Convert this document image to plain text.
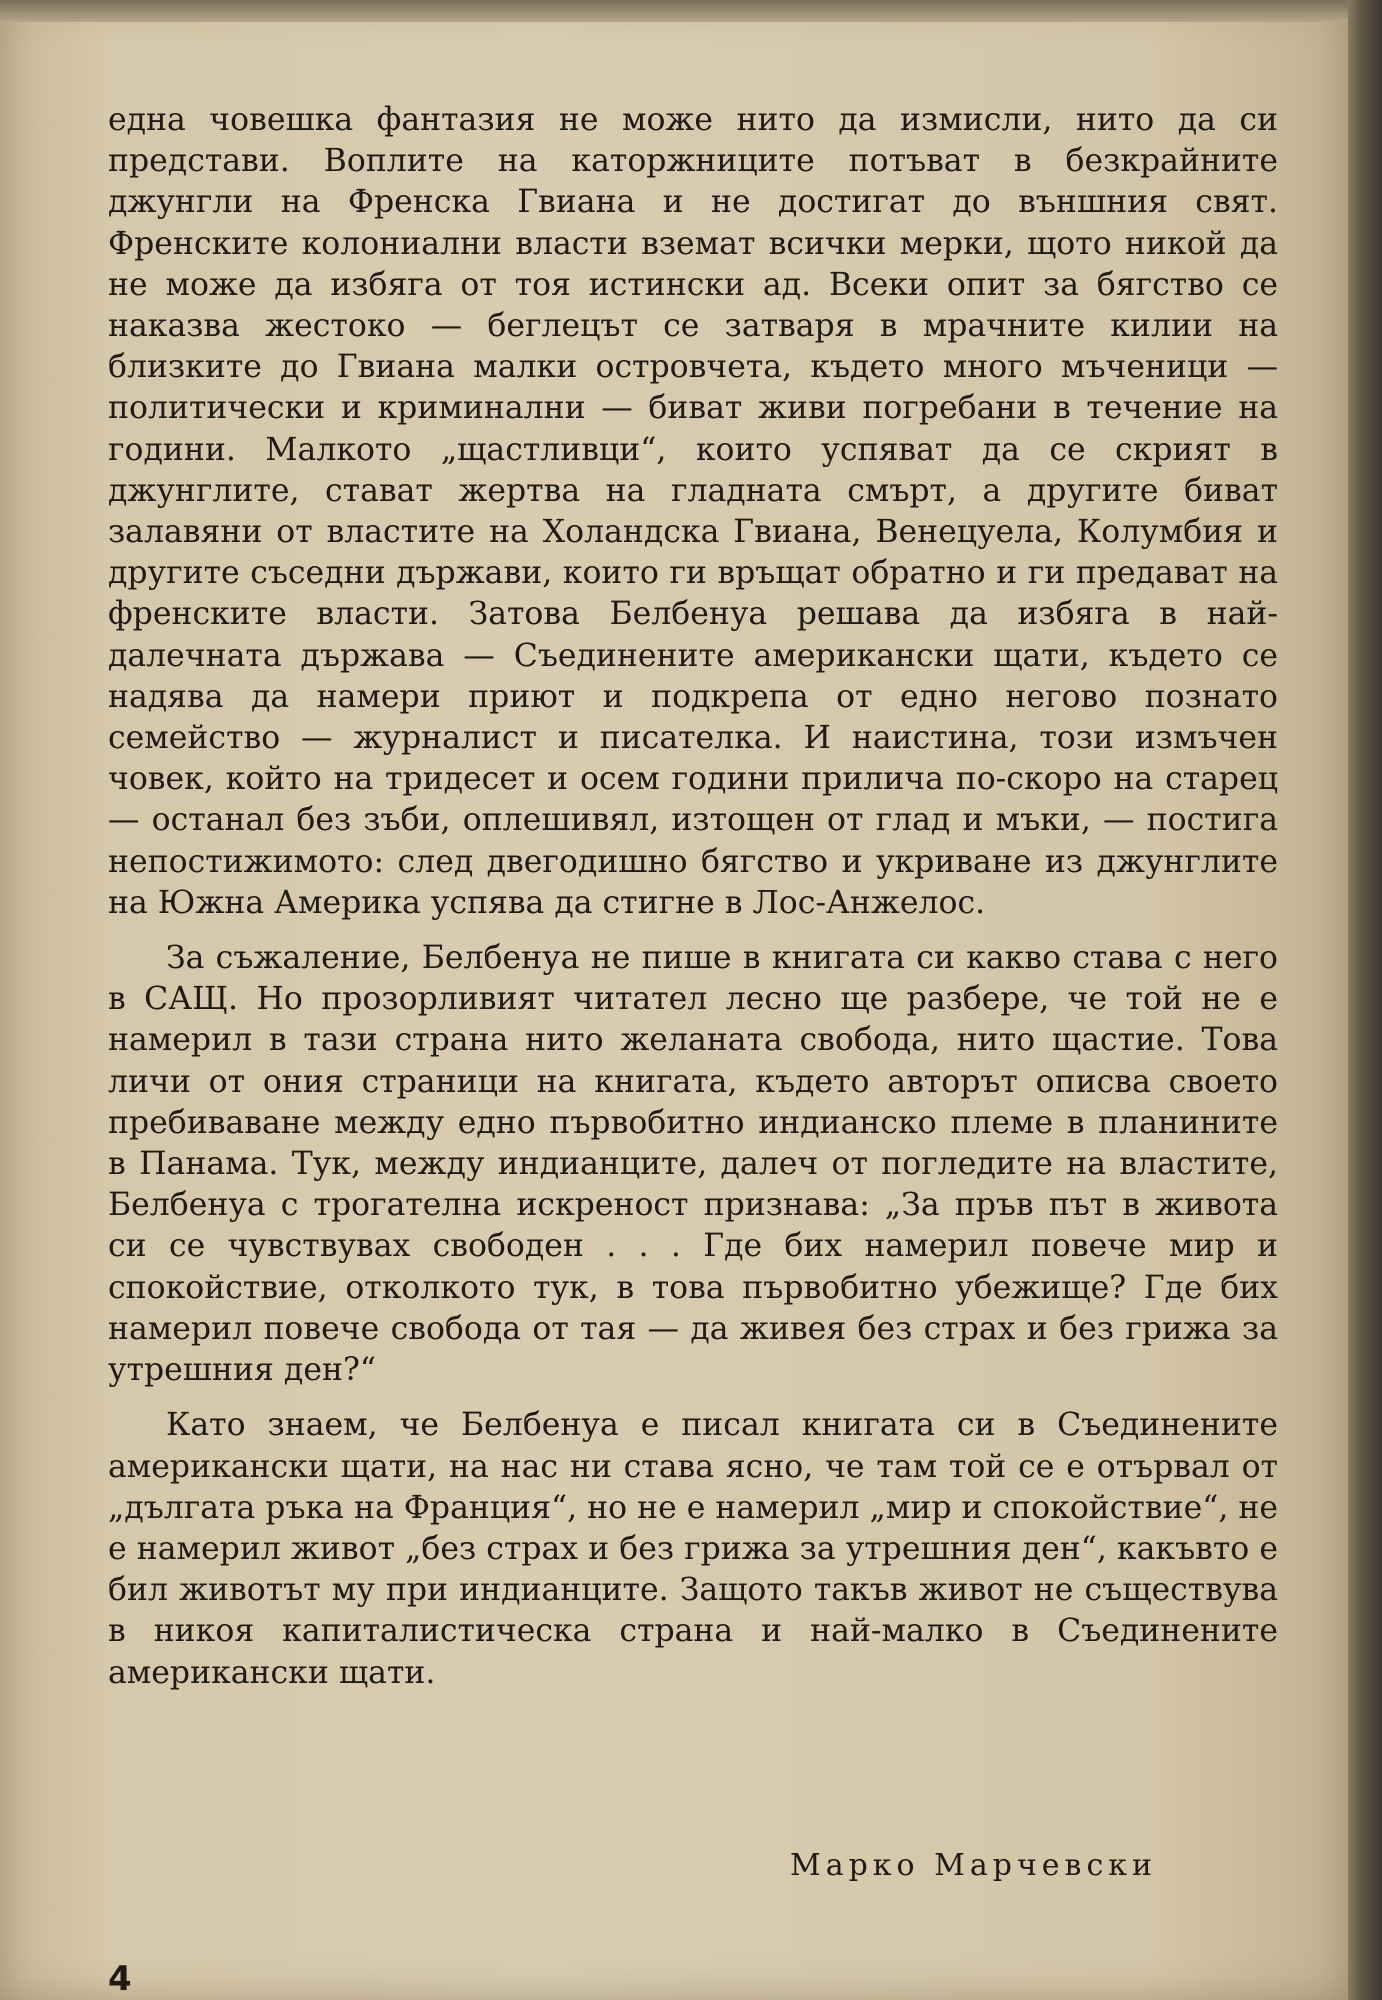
една човешка фантазия не може нито да измисли, нито да си представи. Воплите на каторжниците потъват в безкрайните джунгли на Френска Гвиана и не достигат до външния свят. Френските колониални власти вземат всички мерки, щото никой да не може да избяга от тоя истински ад. Всеки опит за бягство се наказва жестоко — беглецът се затваря в мрачните килии на близките до Гвиана малки островчета, където много мъченици — политически и криминални — биват живи погребани в течение на години. Малкото „щастливци“, които успяват да се скрият в джунглите, стават жертва на гладната смърт, а другите биват залавяни от властите на Холандска Гвиана, Венецуела, Колумбия и другите съседни държави, които ги връщат обратно и ги предават на френските власти. Затова Белбенуа решава да избяга в най-далечната държава — Съединените американски щати, където се надява да намери приют и подкрепа от едно негово познато семейство — журналист и писателка. И наистина, този измъчен човек, който на тридесет и осем години прилича по-скоро на старец — останал без зъби, оплешивял, изтощен от глад и мъки, — постига непостижимото: след двегодишно бягство и укриване из джунглите на Южна Америка успява да стигне в Лос-Анжелос.

За съжаление, Белбенуа не пише в книгата си какво става с него в САЩ. Но прозорливият читател лесно ще разбере, че той не е намерил в тази страна нито желаната свобода, нито щастие. Това личи от ония страници на книгата, където авторът описва своето пребиваване между едно първобитно индианско племе в планините в Панама. Тук, между индианците, далеч от погледите на властите, Белбенуа с трогателна искреност признава: „За пръв път в живота си се чувствувах свободен . . . Где бих намерил повече мир и спокойствие, отколкото тук, в това първобитно убежище? Где бих намерил повече свобода от тая — да живея без страх и без грижа за утрешния ден?“

Като знаем, че Белбенуа е писал книгата си в Съединените американски щати, на нас ни става ясно, че там той се е отървал от „дългата ръка на Франция“, но не е намерил „мир и спокойствие“, не е намерил живот „без страх и без грижа за утрешния ден“, какъвто е бил животът му при индианците. Защото такъв живот не съществува в никоя капиталистическа страна и най-малко в Съединените американски щати.

Марко Марчевски
4
